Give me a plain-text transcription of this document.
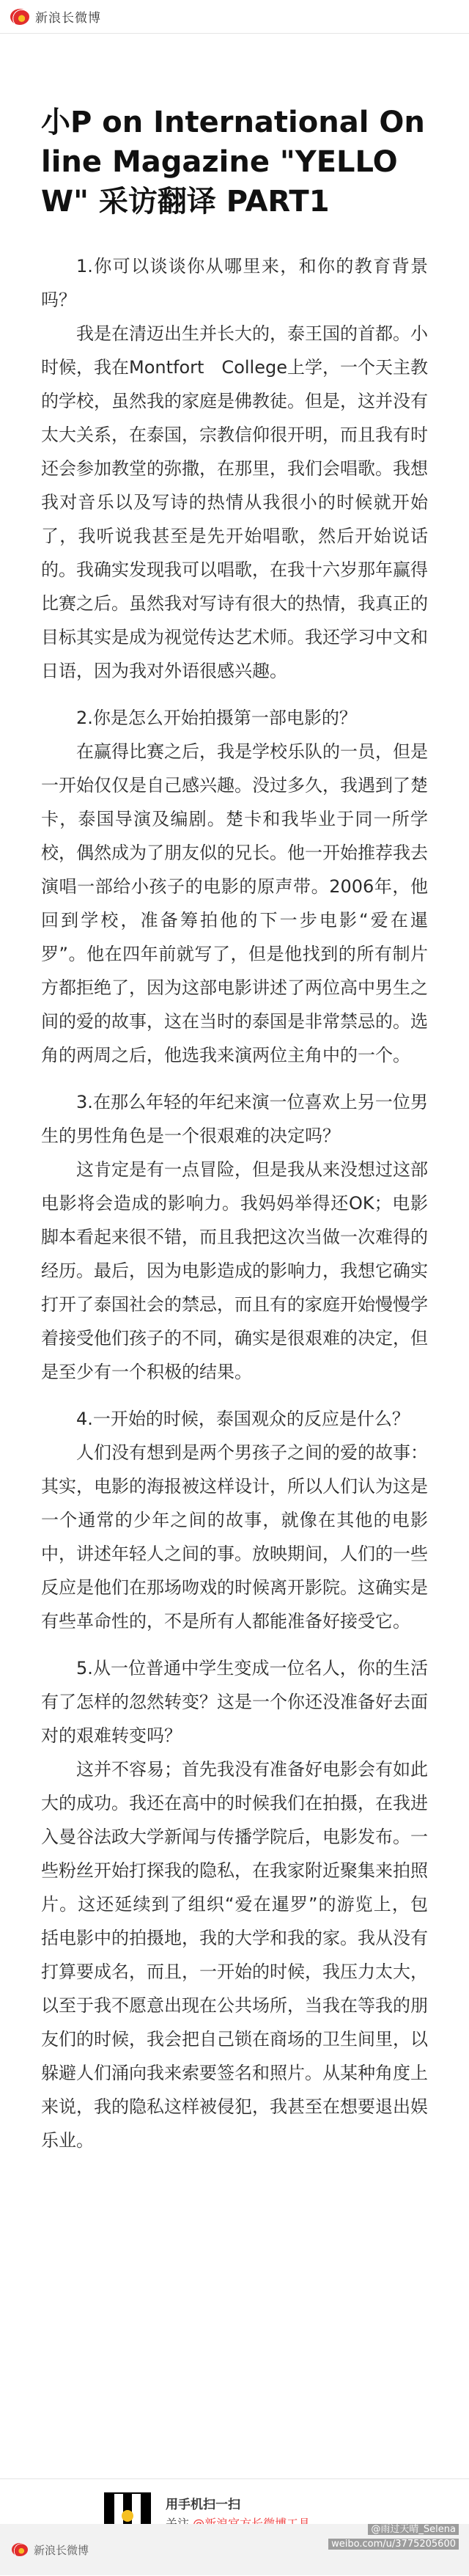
新浪长微博
小P on International Online Magazine "YELLOW" 采访翻译 PART1

1.你可以谈谈你从哪里来，和你的教育背景吗？

我是在清迈出生并长大的，泰王国的首都。小时候，我在Montfort　College上学，一个天主教的学校，虽然我的家庭是佛教徒。但是，这并没有太大关系，在泰国，宗教信仰很开明，而且我有时还会参加教堂的弥撒，在那里，我们会唱歌。我想我对音乐以及写诗的热情从我很小的时候就开始了，我听说我甚至是先开始唱歌，然后开始说话的。我确实发现我可以唱歌，在我十六岁那年赢得比赛之后。虽然我对写诗有很大的热情，我真正的目标其实是成为视觉传达艺术师。我还学习中文和日语，因为我对外语很感兴趣。

2.你是怎么开始拍摄第一部电影的？

在赢得比赛之后，我是学校乐队的一员，但是一开始仅仅是自己感兴趣。没过多久，我遇到了楚卡，泰国导演及编剧。楚卡和我毕业于同一所学校，偶然成为了朋友似的兄长。他一开始推荐我去演唱一部给小孩子的电影的原声带。2006年，他回到学校，准备筹拍他的下一步电影“爱在暹罗”。他在四年前就写了，但是他找到的所有制片方都拒绝了，因为这部电影讲述了两位高中男生之间的爱的故事，这在当时的泰国是非常禁忌的。选角的两周之后，他选我来演两位主角中的一个。

3.在那么年轻的年纪来演一位喜欢上另一位男生的男性角色是一个很艰难的决定吗？

这肯定是有一点冒险，但是我从来没想过这部电影将会造成的影响力。我妈妈举得还OK；电影脚本看起来很不错，而且我把这次当做一次难得的经历。最后，因为电影造成的影响力，我想它确实打开了泰国社会的禁忌，而且有的家庭开始慢慢学着接受他们孩子的不同，确实是很艰难的决定，但是至少有一个积极的结果。

4.一开始的时候，泰国观众的反应是什么？

人们没有想到是两个男孩子之间的爱的故事：其实，电影的海报被这样设计，所以人们认为这是一个通常的少年之间的故事，就像在其他的电影中，讲述年轻人之间的事。放映期间，人们的一些反应是他们在那场吻戏的时候离开影院。这确实是有些革命性的，不是所有人都能准备好接受它。

5.从一位普通中学生变成一位名人，你的生活有了怎样的忽然转变？这是一个你还没准备好去面对的艰难转变吗？

这并不容易；首先我没有准备好电影会有如此大的成功。我还在高中的时候我们在拍摄，在我进入曼谷法政大学新闻与传播学院后，电影发布。一些粉丝开始打探我的隐私，在我家附近聚集来拍照片。这还延续到了组织“爱在暹罗”的游览上，包括电影中的拍摄地，我的大学和我的家。我从没有打算要成名，而且，一开始的时候，我压力太大，以至于我不愿意出现在公共场所，当我在等我的朋友们的时候，我会把自己锁在商场的卫生间里，以躲避人们涌向我来索要签名和照片。从某种角度上来说，我的隐私这样被侵犯，我甚至在想要退出娱乐业。

用手机扫一扫
新浪长微博
@雨过天晴_Selena
weibo.com/u/3775205600
